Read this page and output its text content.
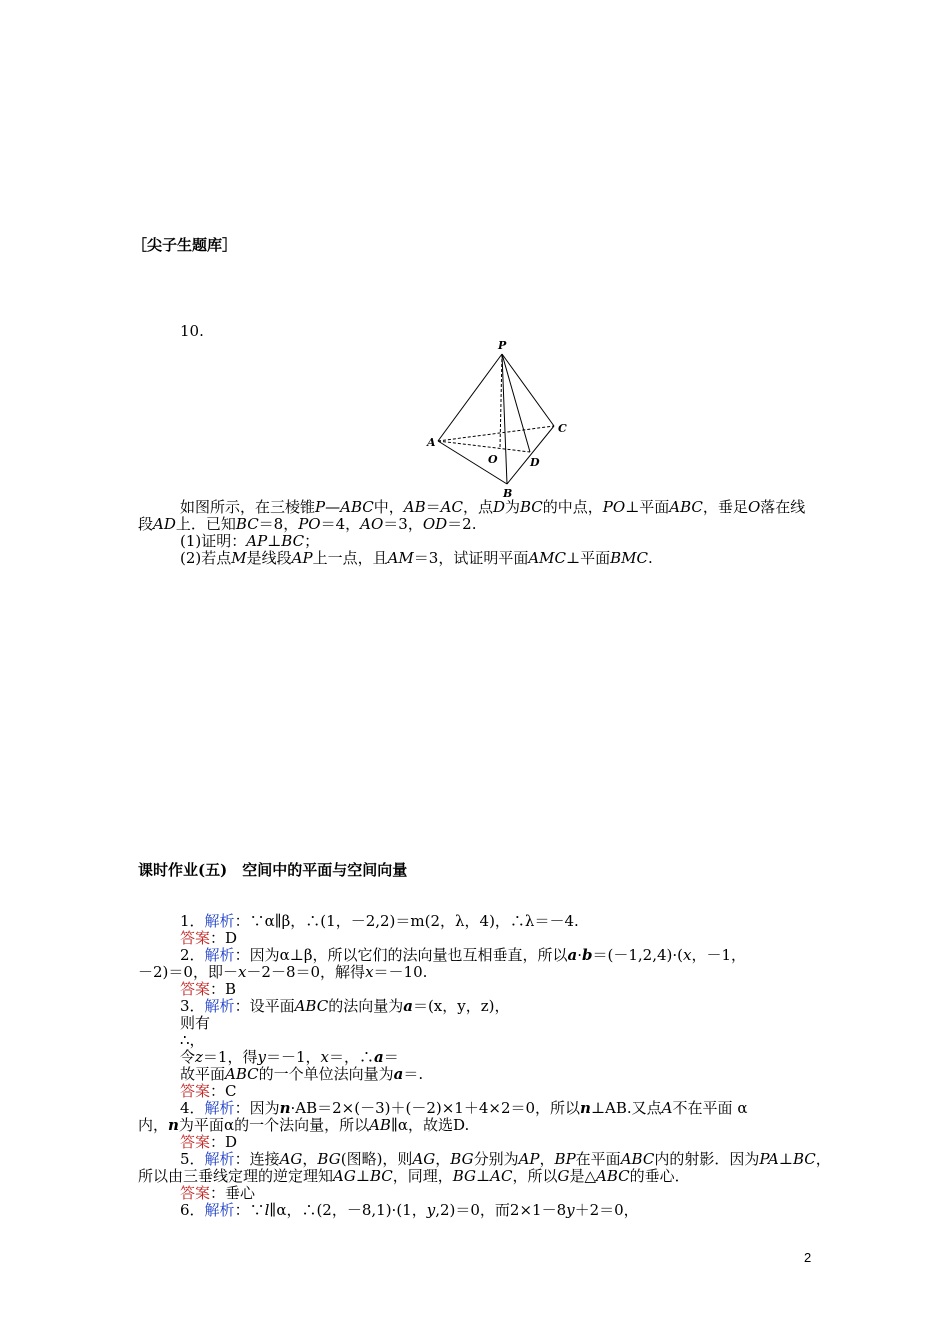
［尖子生题库］
10.
P
A
B
C
O	D
如图所示，在三棱锥P—ABC中，AB＝AC，点D为BC的中点，PO⊥平面ABC，垂足O落在线
段AD上．已知BC＝8，PO＝4，AO＝3，OD＝2.
(1)证明：AP⊥BC；
(2)若点M是线段AP上一点，且AM＝3，试证明平面AMC⊥平面BMC.
课时作业(五)　空间中的平面与空间向量
1．解析：∵α∥β，∴(1，－2,2)＝m(2，λ，4)，∴λ＝－4.
答案：D
2．解析：因为α⊥β，所以它们的法向量也互相垂直，所以a·b＝(－1,2,4)·(x，－1，
－2)＝0，即－x－2－8＝0，解得x＝－10.
答案：B
3．解析：设平面ABC的法向量为a＝(x，y，z)，
则有
∴，
令z＝1，得y＝－1，x＝，∴a＝
故平面ABC的一个单位法向量为a＝.
答案：C
4．解析：因为n·AB＝2×(－3)＋(－2)×1＋4×2＝0，所以n⊥AB.又点A不在平面 α
内，n为平面α的一个法向量，所以AB∥α，故选D.
答案：D
5．解析：连接AG，BG(图略)，则AG，BG分别为AP，BP在平面ABC内的射影．因为PA⊥BC，
所以由三垂线定理的逆定理知AG⊥BC，同理，BG⊥AC，所以G是△ABC的垂心．
答案：垂心
6．解析：∵l∥α，∴(2，－8,1)·(1，y,2)＝0，而2×1－8y＋2＝0，
2
